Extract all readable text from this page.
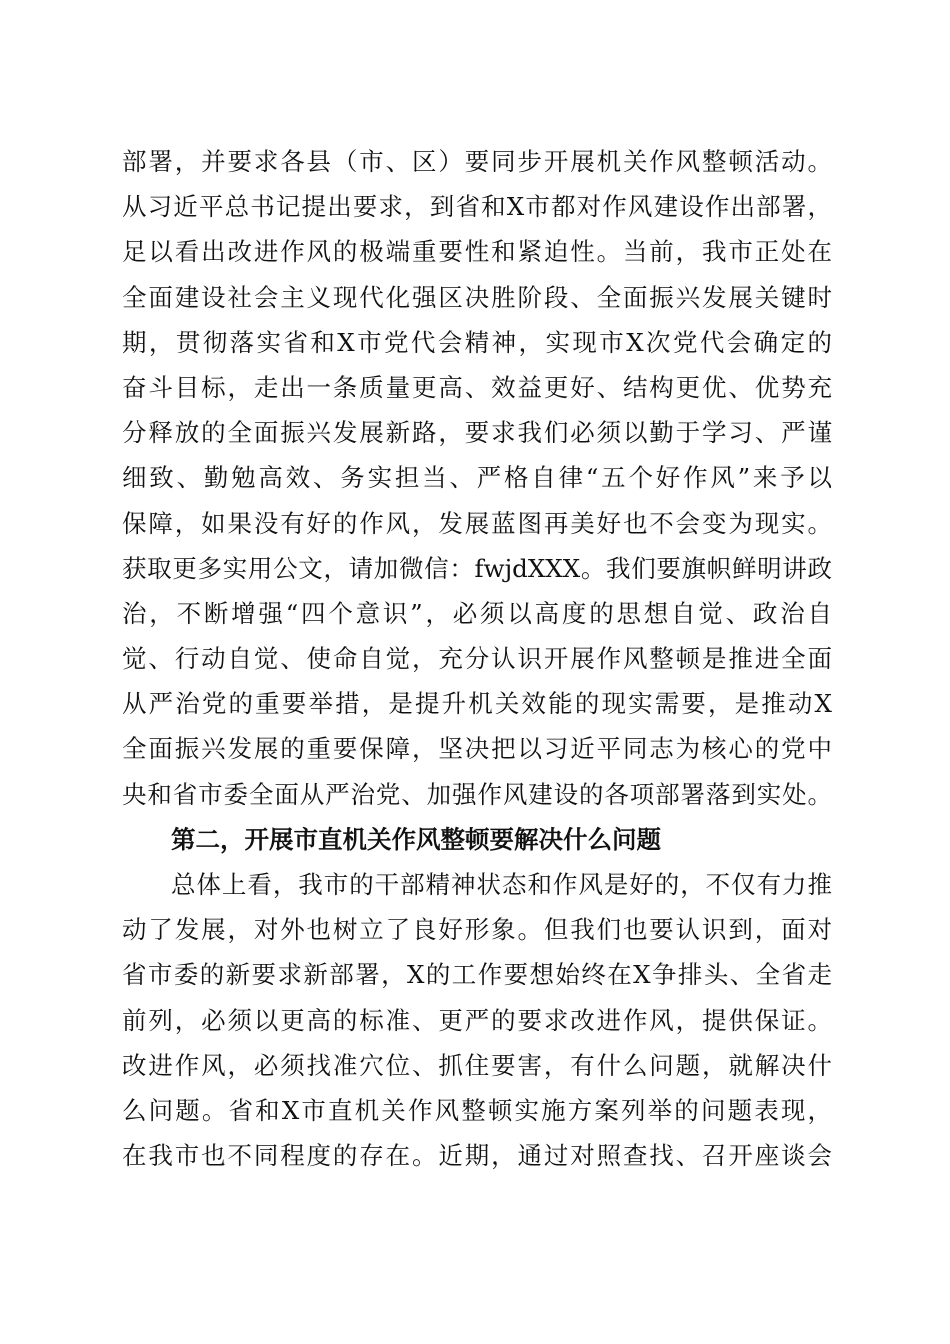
部署，并要求各县（市、区）要同步开展机关作风整顿活动。
从习近平总书记提出要求，到省和X市都对作风建设作出部署，
足以看出改进作风的极端重要性和紧迫性。当前，我市正处在
全面建设社会主义现代化强区决胜阶段、全面振兴发展关键时
期，贯彻落实省和X市党代会精神，实现市X次党代会确定的
奋斗目标，走出一条质量更高、效益更好、结构更优、优势充
分释放的全面振兴发展新路，要求我们必须以勤于学习、严谨
细致、勤勉高效、务实担当、严格自律“五个好作风”来予以
保障，如果没有好的作风，发展蓝图再美好也不会变为现实。
获取更多实用公文，请加微信：fwjdXXX。我们要旗帜鲜明讲政
治，不断增强“四个意识”，必须以高度的思想自觉、政治自
觉、行动自觉、使命自觉，充分认识开展作风整顿是推进全面
从严治党的重要举措，是提升机关效能的现实需要，是推动X
全面振兴发展的重要保障，坚决把以习近平同志为核心的党中
央和省市委全面从严治党、加强作风建设的各项部署落到实处。
第二，开展市直机关作风整顿要解决什么问题
总体上看，我市的干部精神状态和作风是好的，不仅有力推
动了发展，对外也树立了良好形象。但我们也要认识到，面对
省市委的新要求新部署，X的工作要想始终在X争排头、全省走
前列，必须以更高的标准、更严的要求改进作风，提供保证。
改进作风，必须找准穴位、抓住要害，有什么问题，就解决什
么问题。省和X市直机关作风整顿实施方案列举的问题表现，
在我市也不同程度的存在。近期，通过对照查找、召开座谈会
